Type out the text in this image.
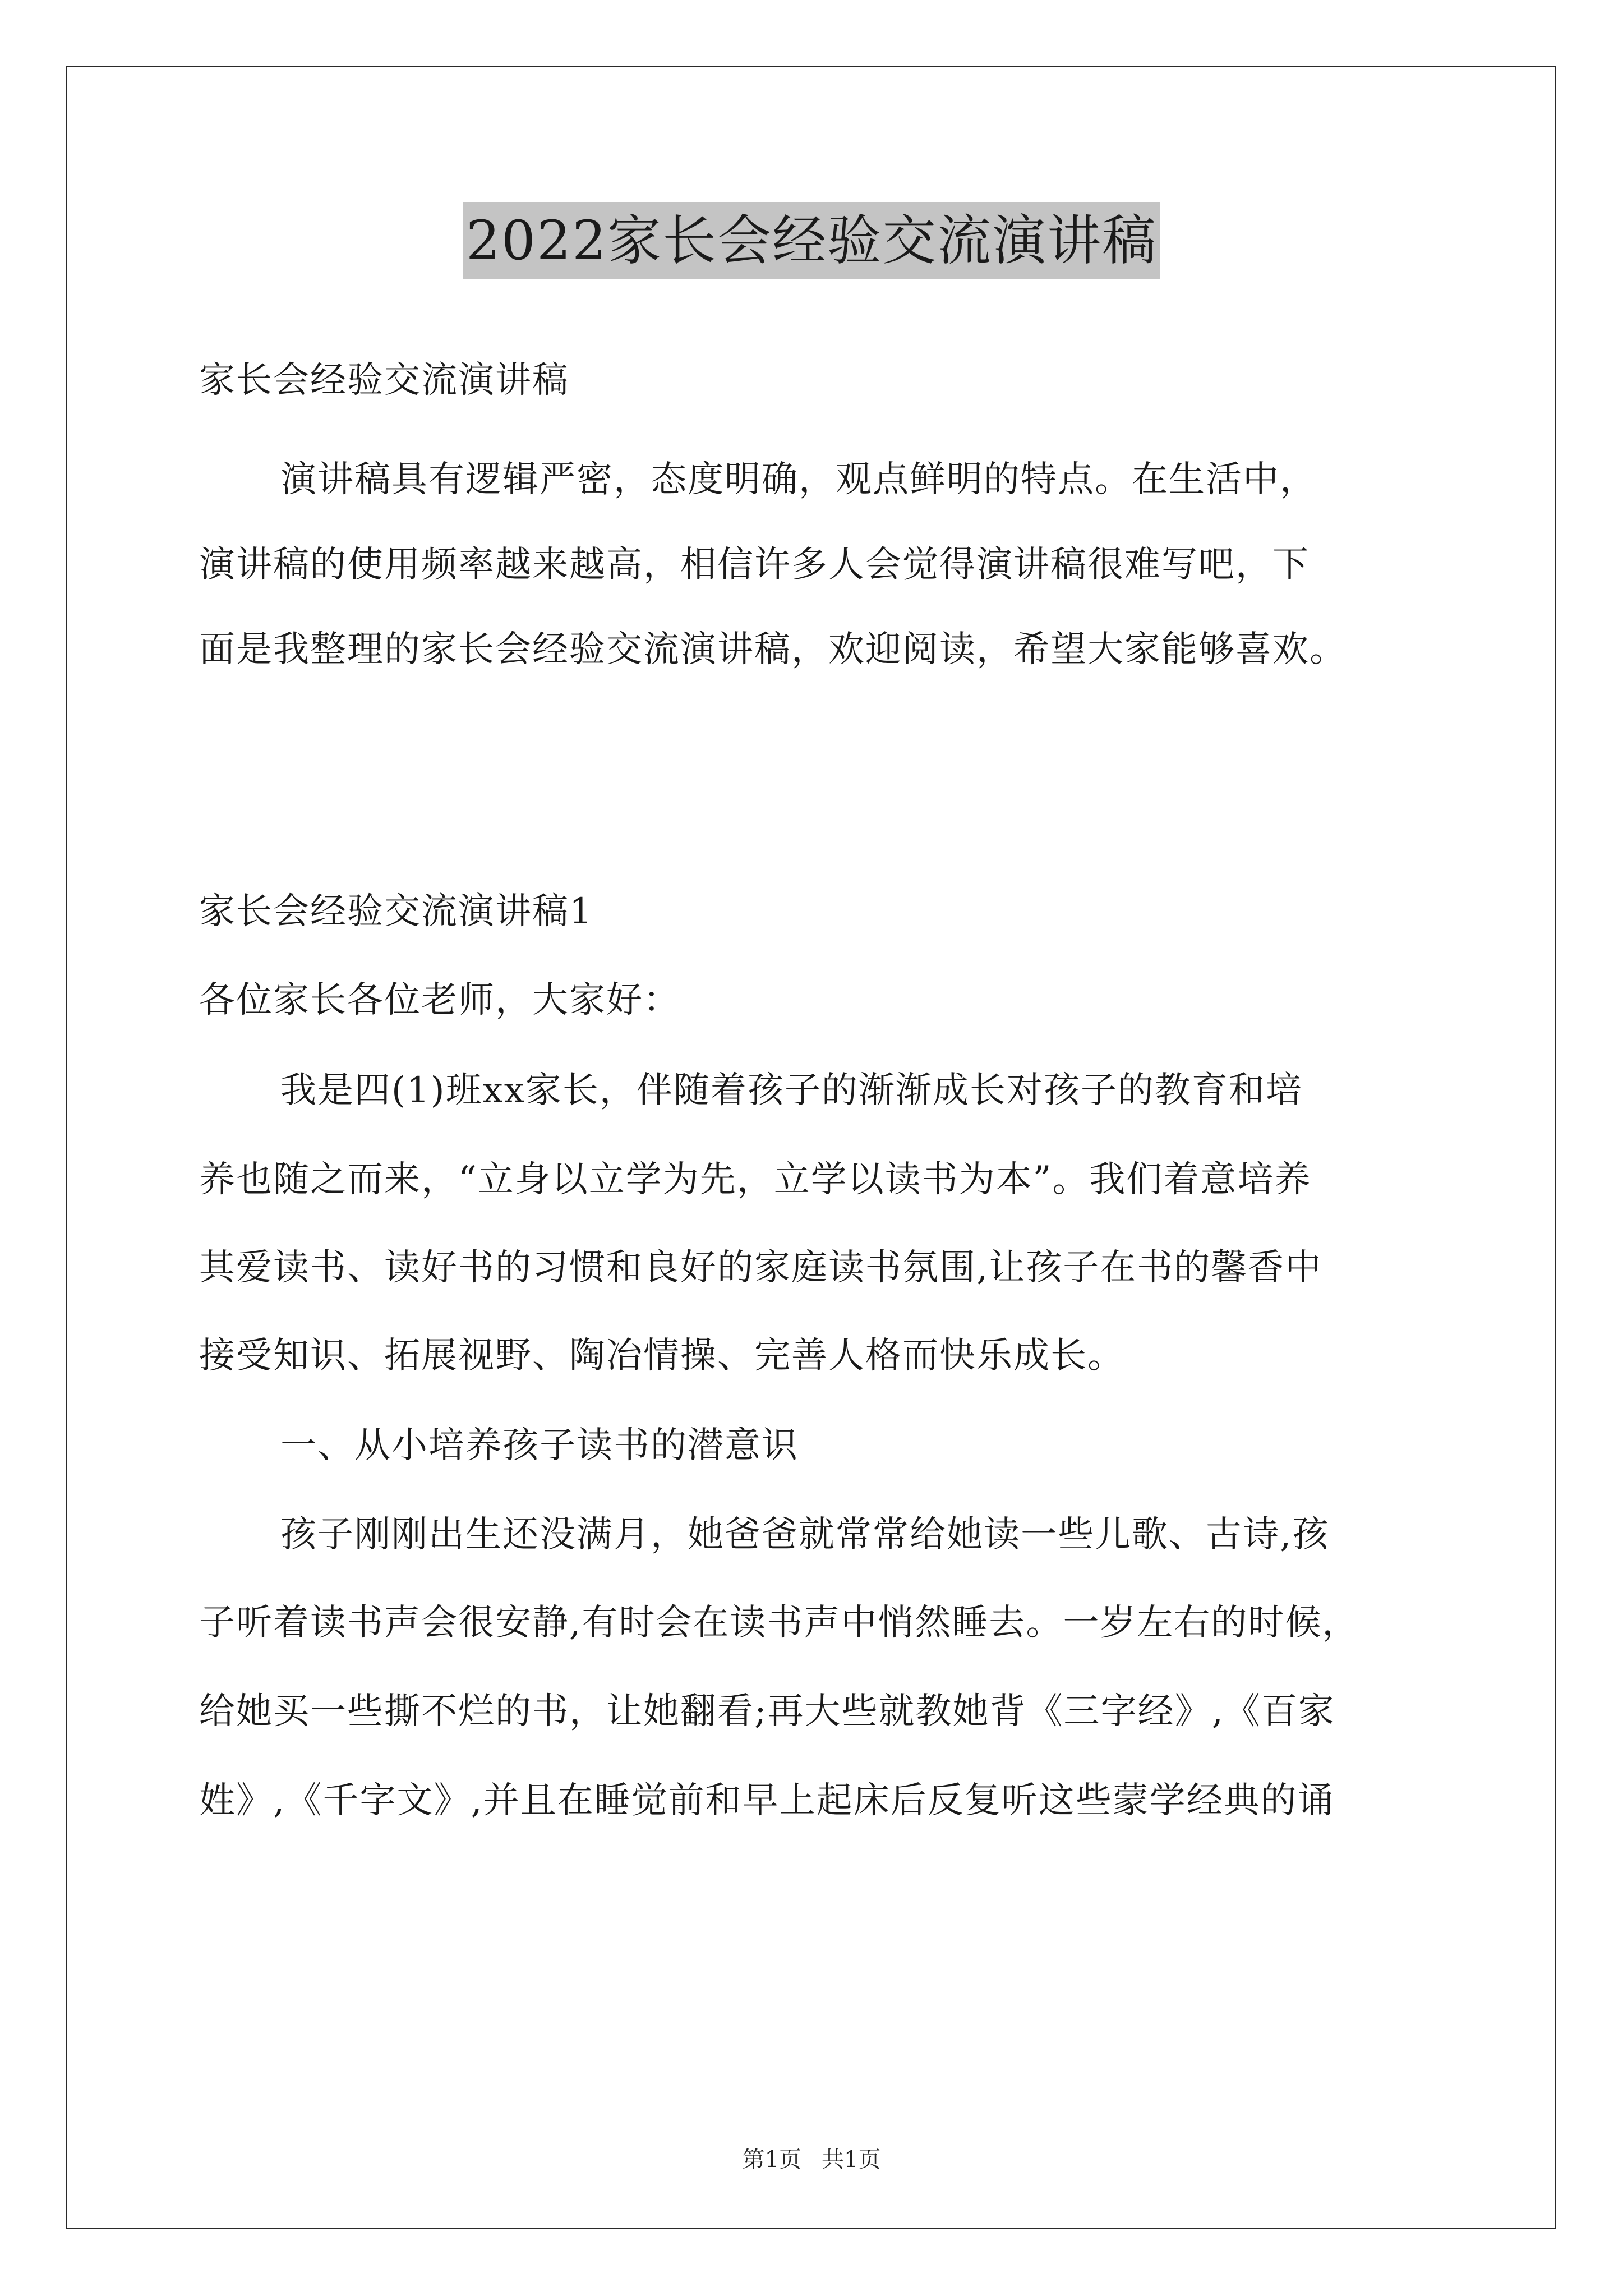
2022家长会经验交流演讲稿
家长会经验交流演讲稿
演讲稿具有逻辑严密，态度明确，观点鲜明的特点。在生活中，
演讲稿的使用频率越来越高，相信许多人会觉得演讲稿很难写吧，下
面是我整理的家长会经验交流演讲稿，欢迎阅读，希望大家能够喜欢。
家长会经验交流演讲稿1
各位家长各位老师，大家好：
我是四(1)班xx家长，伴随着孩子的渐渐成长对孩子的教育和培
养也随之而来，“立身以立学为先，立学以读书为本”。我们着意培养
其爱读书、读好书的习惯和良好的家庭读书氛围,让孩子在书的馨香中
接受知识、拓展视野、陶冶情操、完善人格而快乐成长。
一、从小培养孩子读书的潜意识
孩子刚刚出生还没满月，她爸爸就常常给她读一些儿歌、古诗,孩
子听着读书声会很安静,有时会在读书声中悄然睡去。一岁左右的时候，
给她买一些撕不烂的书，让她翻看;再大些就教她背《三字经》,《百家
姓》,《千字文》,并且在睡觉前和早上起床后反复听这些蒙学经典的诵
第1页 共1页
